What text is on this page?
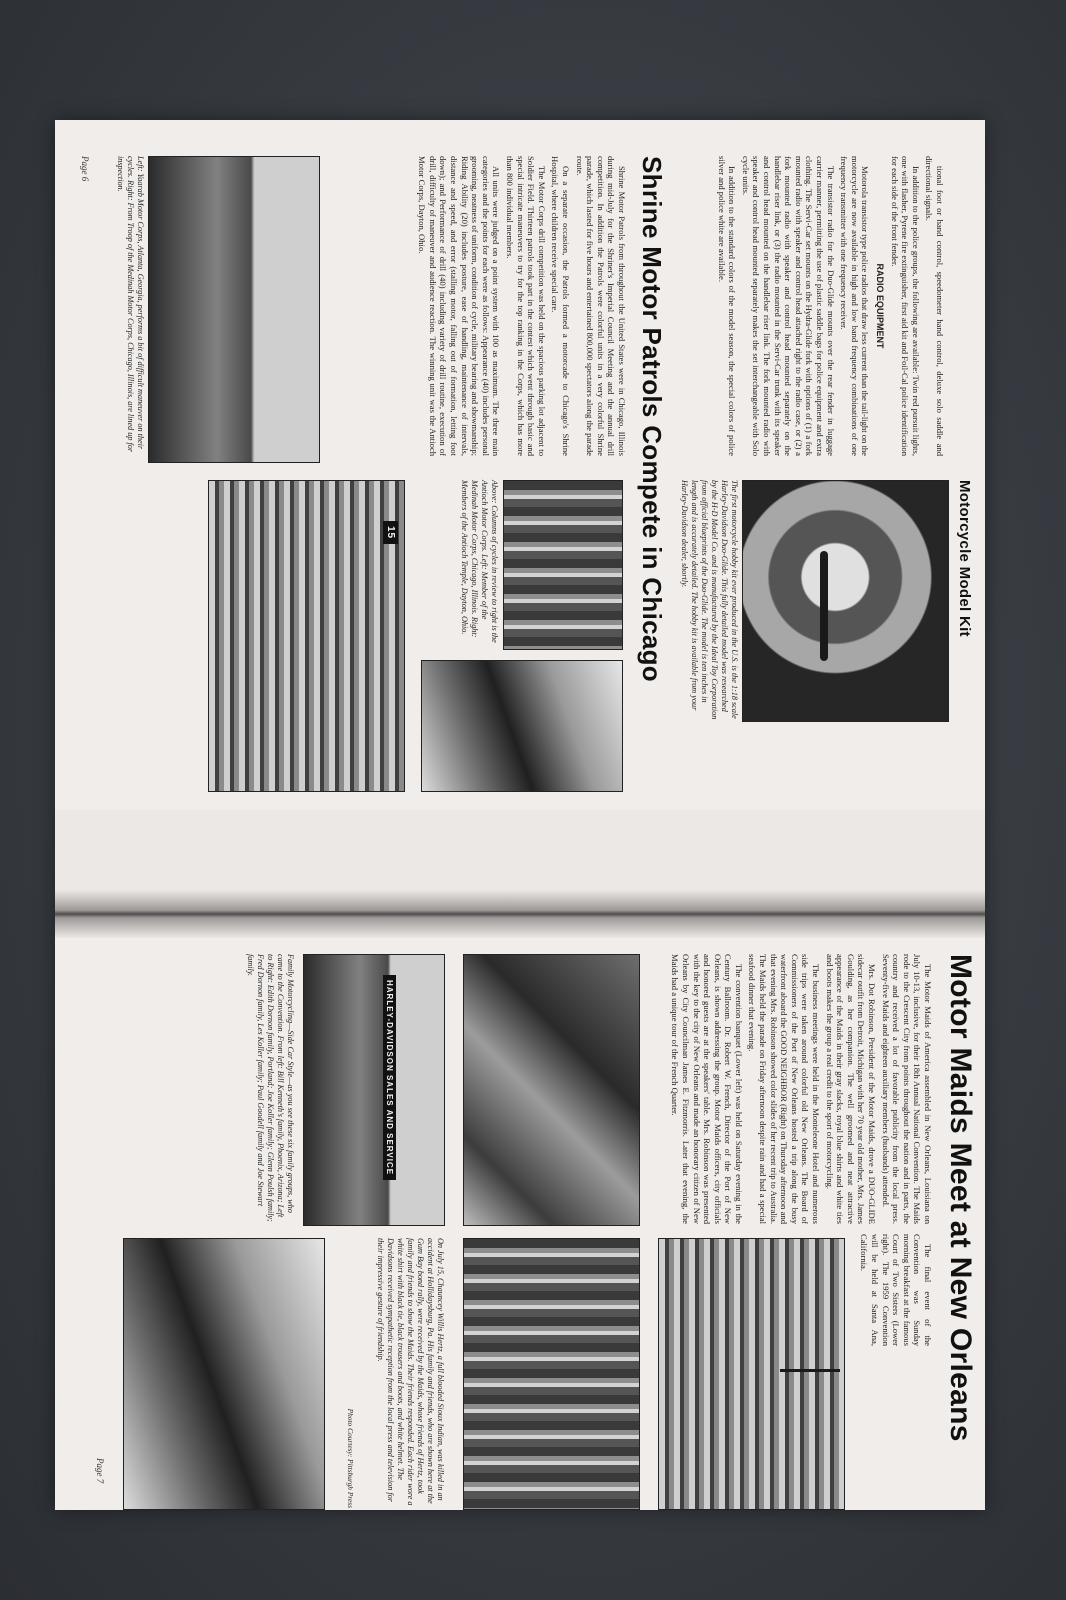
Motorcycle Model Kit
The first motorcycle hobby kit ever produced in the U.S. is the 1:18 scale Harley-Davidson Duo-Glide. This fully detailed model was researched by the H-D Model Co. and is manufactured by the Ideal Toy Corporation from official blueprints of the Duo-Glide. The model is ten inches in length and is accurately detailed. The hobby kit is available from your Harley-Davidson dealer, shortly.

tional foot or hand control, speedometer hand control, deluxe solo saddle and directional signals.

In addition to the police groups, the following are available: Twin red pursuit lights, one with flasher, Pyrene fire extinguisher, first aid kit and Foil-Cal police identification for each side of the front fender.

RADIO EQUIPMENT

Motorola transistor type police radios that draw less current than the tail-light on the motorcycle are now available in high and low band frequency combinations of one frequency transmitter with one frequency receiver.

The transistor radio for the Duo-Glide mounts over the rear fender in luggage carrier manner, permitting the use of plastic saddle bags for police equipment and extra clothing. The Servi-Car set mounts on the Hydra-Glide fork with options of (1) a fork mounted radio with speaker and control head attached right to the radio case, or (2) a fork mounted radio with speaker and control head mounted separately on the handlebar riser link, or (3) the radio mounted in the Servi-Car trunk with its speaker and control head mounted on the handlebar riser link. The fork mounted radio with speaker and control head mounted separately makes the set interchangeable with Solo cycle units.

In addition to the standard colors of the model season, the special colors of police silver and police white are available.

Shrine Motor Patrols Compete in Chicago

Shrine Motor Patrols from throughout the United States were in Chicago, Illinois during mid-July for the Shriner's Imperial Council Meeting and the annual drill competition. In addition the Patrols were colorful units in a very colorful Shrine parade, which lasted for five hours and entertained 800,000 spectators along the parade route.

On a separate occasion, the Patrols formed a motorcade to Chicago's Shrine Hospital, where children receive special care.

The Motor Corps drill competition was held on the spacious parking lot adjacent to Soldier Field. Thirteen patrols took part in the contest which went through basic and special intricate maneuvers to try for the top ranking in the Corps, which has more than 800 individual members.

All units were judged on a point system with 100 as maximum. The three main categories and the points for each were as follows: Appearance (40) includes personal grooming, neatness of uniform, condition of cycle, military bearing and showmanship; Riding Ability (20) includes posture, ease of handling, maintenance of intervals, distance and speed, and error (stalling motor, falling out of formation, letting foot down); and Performance of drill (40) including variety of drill routine, execution of drill, difficulty of maneuver and audience reaction. The winning unit was the Antioch Motor Corps, Dayton, Ohio.

Above: Columns of cycles in review to right is the Antioch Motor Corps. Left: Member of the Medinah Motor Corps, Chicago, Illinois. Right: Members of the Antioch Temple, Dayton, Ohio.
15
Left: Yaarab Motor Corps, Atlanta, Georgia, performs a bit of difficult maneuver on their cycles. Right: From Troop of the Medinah Motor Corps, Chicago, Illinois, are lined up for inspection.
Page 6
Motor Maids Meet at New Orleans

The Motor Maids of America assembled in New Orleans, Louisiana on July 10-13, inclusive, for their 18th Annual National Convention. The Maids rode to the Crescent City from points throughout the nation and in parts, the country and received a lot of favorable publicity from the local press. Seventy-five Maids and eighteen auxiliary members (husbands) attended.

Mrs. Dot Robinson, President of the Motor Maids, drove a DUO-GLIDE sidecar outfit from Detroit, Michigan with her 70 year old mother, Mrs. James Goulding, as her companion. The well groomed and neat attractive appearance of the Maids in their gray slacks, royal blue shirts and white ties and boots makes the group a real credit to the sport of motorcycling.

The business meetings were held in the Monteleone Hotel and numerous side trips were taken around colorful old New Orleans. The Board of Commissioners of the Port of New Orleans hosted a trip along the busy waterfront aboard the GOOD NEIGHBOR (Right) on Thursday afternoon and that evening Mrs. Robinson showed color slides of her recent trip to Australia. The Maids held the parade on Friday afternoon despite rain and had a special seafood dinner that evening.

The convention banquet (Lower left) was held on Saturday evening in the Century Ballroom. Dr. Robert W. French, Director of the Port of New Orleans, is shown addressing the group. Motor Maids officers, city officials and honored guests are at the speakers' table. Mrs. Robinson was presented with the key to the city of New Orleans and made an honorary citizen of New Orleans by City Councilman James E. Fitzmorris. Later that evening, the Maids had a unique tour of the French Quarter.

The final event of the Convention was Sunday morning breakfast at the famous Court of Two Sisters (Lower right). The 1959 Convention will be held at Santa Ana, California.

HARLEY-DAVIDSON SALES AND SERVICE
Family Motorcycling—Side Car Style—as you see these six family groups, who came to the Convention. From left: Bill Kenneth's family, Phoenix, Arizona; Left to Right: Edith Dornon family, Portland; Joe Koller family; Glenn Poulsh family; Fred Dornon family, Les Koller family; Paul Goodell family and Joe Stewart family.
On July 15, Chauncey Willis Hertz, a full blooded Sioux Indian, was killed in an accident at Hollidaysburg, Pa. His family and friends, who are shown here at the Gum Bay bond rally, were received by the Maids, whose friends of Hertz, took family and friends to show the Maids. Their friends responded. Each rider wore a white shirt with black tie, black trousers and boots, and white helmet. The Davidsons received sympathetic reception from the local press and television for their impressive gesture of friendship.
Photo Courtesy: Pittsburgh Press
Page 7
